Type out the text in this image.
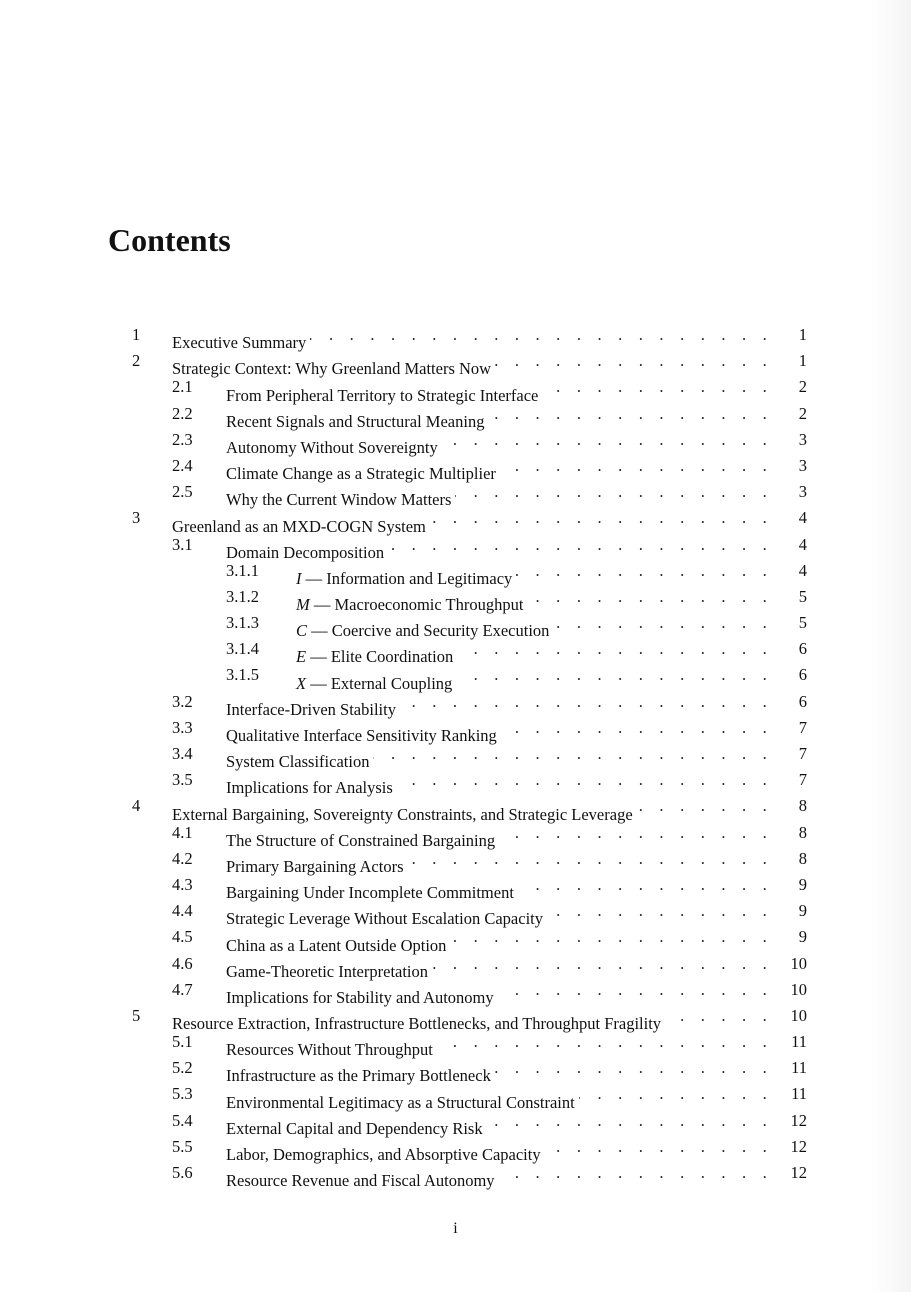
Contents
1 Executive Summary . . .	1
2 Strategic Context: Why Greenland Matters Now . . .	1
2.1 From Peripheral Territory to Strategic Interface . . .	2
2.2 Recent Signals and Structural Meaning . . .	2
2.3 Autonomy Without Sovereignty . . .	3
2.4 Climate Change as a Strategic Multiplier . . .	3
2.5 Why the Current Window Matters . . .	3
3 Greenland as an MXD-COGN System . . .	4
3.1 Domain Decomposition . . .	4
3.1.1 I — Information and Legitimacy . . .	4
3.1.2 M — Macroeconomic Throughput . . .	5
3.1.3 C — Coercive and Security Execution . . .	5
3.1.4 E — Elite Coordination . . .	6
3.1.5 X — External Coupling . . .	6
3.2 Interface-Driven Stability . . .	6
3.3 Qualitative Interface Sensitivity Ranking . . .	7
3.4 System Classification . . .	7
3.5 Implications for Analysis . . .	7
4 External Bargaining, Sovereignty Constraints, and Strategic Leverage . . .	8
4.1 The Structure of Constrained Bargaining . . .	8
4.2 Primary Bargaining Actors . . .	8
4.3 Bargaining Under Incomplete Commitment . . .	9
4.4 Strategic Leverage Without Escalation Capacity . . .	9
4.5 China as a Latent Outside Option . . .	9
4.6 Game-Theoretic Interpretation . . .	10
4.7 Implications for Stability and Autonomy . . .	10
5 Resource Extraction, Infrastructure Bottlenecks, and Throughput Fragility . . .	10
5.1 Resources Without Throughput . . .	11
5.2 Infrastructure as the Primary Bottleneck . . .	11
5.3 Environmental Legitimacy as a Structural Constraint . . .	11
5.4 External Capital and Dependency Risk . . .	12
5.5 Labor, Demographics, and Absorptive Capacity . . .	12
5.6 Resource Revenue and Fiscal Autonomy . . .	12
i
